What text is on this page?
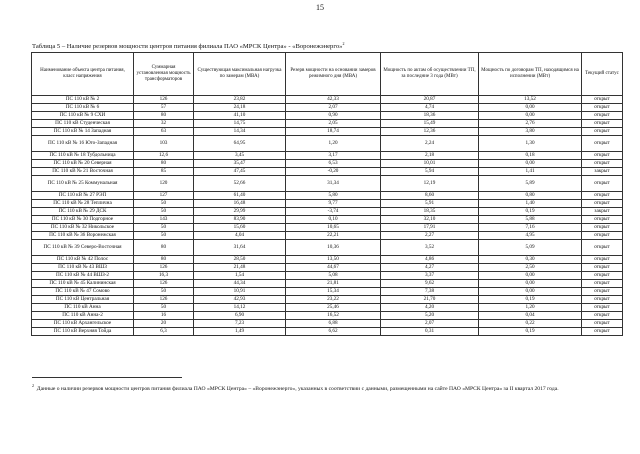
15
Таблица 5 – Наличие резервов мощности центров питания филиала ПАО «МРСК Центра» - «Воронежэнерго»$^2$
Наименование объекта центра питания, класс напряжения	Суммарная установленная мощность трансформаторов	Существующая максимальная нагрузка по замерам (МВА)	Резерв мощности на основании замеров режимного дня (МВА)	Мощность по актам об осуществлении ТП, за последние 3 года (МВт)	Мощность по договорам ТП, находящимся на исполнении (МВт)	Текущий статус
ПС 110 кВ № 2	126	23,82	42,33	20,87	13,52	открыт
ПС 110 кВ № 6	57	24,18	2,07	4,74	0,00	открыт
ПС 110 кВ № 9 СХИ	80	41,10	0,90	18,36	0,00	открыт
ПС 110 кВ Студенческая	32	14,75	2,05	15,49	2,76	открыт
ПС 110 кВ № 14 Западная	63	14,34	18,74	12,36	3,80	открыт
ПС 110 кВ № 16 Юго-Западная	103	64,95	1,20	2,24	1,30	открыт
ПС 110 кВ № 18 Тубдольница	12,6	3,45	3,17	2,18	0,18	открыт
ПС 110 кВ № 20 Северная	80	35,47	6,53	10,01	0,00	открыт
ПС 110 кВ № 21 Восточная	85	47,45	-0,20	5,94	1,41	закрыт
ПС 110 кВ № 25 Коммунальная	120	52,66	31,34	12,19	5,89	открыт
ПС 110 кВ № 27 РЭП	127	61,40	5,80	8,60	0,80	открыт
ПС 110 кВ № 28 Теплична	50	16,48	9,77	5,91	1,40	открыт
ПС 110 кВ № 29 ДСК	50	29,99	-3,74	18,35	0,19	закрыт
ПС 110 кВ № 30 Подгорное	143	83,90	0,10	32,10	5,88	открыт
ПС 110 кВ № 32 Никольское	50	15,60	10,65	17,91	7,16	открыт
ПС 110 кВ № 36 Воронежская	50	4,04	22,21	2,27	4,95	открыт
ПС 110 кВ № 39 Северо-Восточная	80	31,64	10,36	3,52	5,09	открыт
ПС 110 кВ № 42 Полос	80	28,50	13,50	4,86	0,30	открыт
ПС 110 кВ № 43 ВШЗ	126	21,48	44,67	4,27	2,50	открыт
ПС 110 кВ № 44 ВШЗ-2	16,3	1,54	5,08	3,37	0,00	открыт
ПС 110 кВ № 45 Калининская	126	44,34	21,81	9,62	0,00	открыт
ПС 110 кВ № 47 Сомово	50	10,91	15,34	7,38	0,00	открыт
ПС 110 кВ Центральная	126	42,93	23,22	21,70	0,19	открыт
ПС 110 кВ Анна	50	14,12	25,46	4,20	1,20	открыт
ПС 110 кВ Анна-2	16	6,90	16,52	5,20	0,04	открыт
ПС 110 кВ Архангельское	20	7,23	6,88	2,07	0,22	открыт
ПС 110 кВ Верхняя Тойда	6,3	1,49	6,62	0,31	0,19	открыт
$^2$  Данные о наличии резервов мощности центров питания филиала ПАО «МРСК Центра» – «Воронежэнерго», указанных в соответствии с данными, размещенными на сайте ПАО «МРСК Центра» за II квартал 2017 года.
